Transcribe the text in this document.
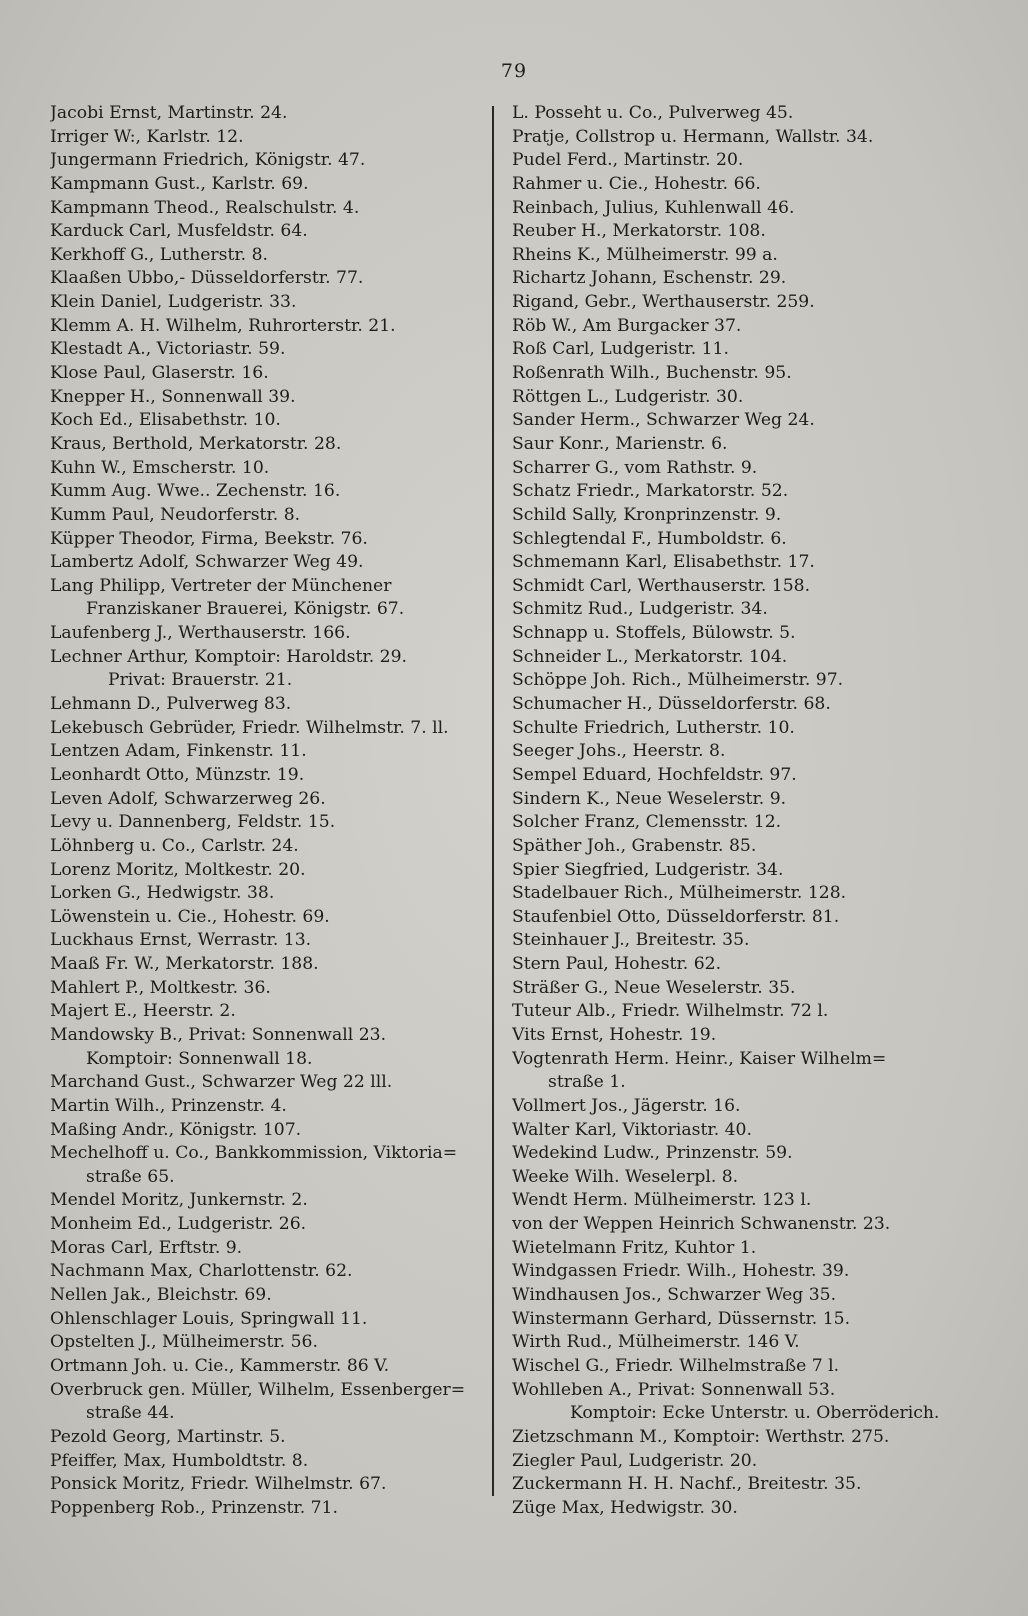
79
Jacobi Ernst, Martinstr. 24.
Irriger W:, Karlstr. 12.
Jungermann Friedrich, Königstr. 47.
Kampmann Gust., Karlstr. 69.
Kampmann Theod., Realschulstr. 4.
Karduck Carl, Musfeldstr. 64.
Kerkhoff G., Lutherstr. 8.
Klaaßen Ubbo,- Düsseldorferstr. 77.
Klein Daniel, Ludgeristr. 33.
Klemm A. H. Wilhelm, Ruhrorterstr. 21.
Klestadt A., Victoriastr. 59.
Klose Paul, Glaserstr. 16.
Knepper H., Sonnenwall 39.
Koch Ed., Elisabethstr. 10.
Kraus, Berthold, Merkatorstr. 28.
Kuhn W., Emscherstr. 10.
Kumm Aug. Wwe.. Zechenstr. 16.
Kumm Paul, Neudorferstr. 8.
Küpper Theodor, Firma, Beekstr. 76.
Lambertz Adolf, Schwarzer Weg 49.
Lang Philipp, Vertreter der Münchener
Franziskaner Brauerei, Königstr. 67.
Laufenberg J., Werthauserstr. 166.
Lechner Arthur, Komptoir: Haroldstr. 29.
Privat: Brauerstr. 21.
Lehmann D., Pulverweg 83.
Lekebusch Gebrüder, Friedr. Wilhelmstr. 7. ll.
Lentzen Adam, Finkenstr. 11.
Leonhardt Otto, Münzstr. 19.
Leven Adolf, Schwarzerweg 26.
Levy u. Dannenberg, Feldstr. 15.
Löhnberg u. Co., Carlstr. 24.
Lorenz Moritz, Moltkestr. 20.
Lorken G., Hedwigstr. 38.
Löwenstein u. Cie., Hohestr. 69.
Luckhaus Ernst, Werrastr. 13.
Maaß Fr. W., Merkatorstr. 188.
Mahlert P., Moltkestr. 36.
Majert E., Heerstr. 2.
Mandowsky B., Privat: Sonnenwall 23.
Komptoir: Sonnenwall 18.
Marchand Gust., Schwarzer Weg 22 lll.
Martin Wilh., Prinzenstr. 4.
Maßing Andr., Königstr. 107.
Mechelhoff u. Co., Bankkommission, Viktoria=
straße 65.
Mendel Moritz, Junkernstr. 2.
Monheim Ed., Ludgeristr. 26.
Moras Carl, Erftstr. 9.
Nachmann Max, Charlottenstr. 62.
Nellen Jak., Bleichstr. 69.
Ohlenschlager Louis, Springwall 11.
Opstelten J., Mülheimerstr. 56.
Ortmann Joh. u. Cie., Kammerstr. 86 V.
Overbruck gen. Müller, Wilhelm, Essenberger=
straße 44.
Pezold Georg, Martinstr. 5.
Pfeiffer, Max, Humboldtstr. 8.
Ponsick Moritz, Friedr. Wilhelmstr. 67.
Poppenberg Rob., Prinzenstr. 71.
L. Posseht u. Co., Pulverweg 45.
Pratje, Collstrop u. Hermann, Wallstr. 34.
Pudel Ferd., Martinstr. 20.
Rahmer u. Cie., Hohestr. 66.
Reinbach, Julius, Kuhlenwall 46.
Reuber H., Merkatorstr. 108.
Rheins K., Mülheimerstr. 99 a.
Richartz Johann, Eschenstr. 29.
Rigand, Gebr., Werthauserstr. 259.
Röb W., Am Burgacker 37.
Roß Carl, Ludgeristr. 11.
Roßenrath Wilh., Buchenstr. 95.
Röttgen L., Ludgeristr. 30.
Sander Herm., Schwarzer Weg 24.
Saur Konr., Marienstr. 6.
Scharrer G., vom Rathstr. 9.
Schatz Friedr., Markatorstr. 52.
Schild Sally, Kronprinzenstr. 9.
Schlegtendal F., Humboldstr. 6.
Schmemann Karl, Elisabethstr. 17.
Schmidt Carl, Werthauserstr. 158.
Schmitz Rud., Ludgeristr. 34.
Schnapp u. Stoffels, Bülowstr. 5.
Schneider L., Merkatorstr. 104.
Schöppe Joh. Rich., Mülheimerstr. 97.
Schumacher H., Düsseldorferstr. 68.
Schulte Friedrich, Lutherstr. 10.
Seeger Johs., Heerstr. 8.
Sempel Eduard, Hochfeldstr. 97.
Sindern K., Neue Weselerstr. 9.
Solcher Franz, Clemensstr. 12.
Späther Joh., Grabenstr. 85.
Spier Siegfried, Ludgeristr. 34.
Stadelbauer Rich., Mülheimerstr. 128.
Staufenbiel Otto, Düsseldorferstr. 81.
Steinhauer J., Breitestr. 35.
Stern Paul, Hohestr. 62.
Sträßer G., Neue Weselerstr. 35.
Tuteur Alb., Friedr. Wilhelmstr. 72 l.
Vits Ernst, Hohestr. 19.
Vogtenrath Herm. Heinr., Kaiser Wilhelm=
straße 1.
Vollmert Jos., Jägerstr. 16.
Walter Karl, Viktoriastr. 40.
Wedekind Ludw., Prinzenstr. 59.
Weeke Wilh. Weselerpl. 8.
Wendt Herm. Mülheimerstr. 123 l.
von der Weppen Heinrich Schwanenstr. 23.
Wietelmann Fritz, Kuhtor 1.
Windgassen Friedr. Wilh., Hohestr. 39.
Windhausen Jos., Schwarzer Weg 35.
Winstermann Gerhard, Düssernstr. 15.
Wirth Rud., Mülheimerstr. 146 V.
Wischel G., Friedr. Wilhelmstraße 7 l.
Wohlleben A., Privat: Sonnenwall 53.
Komptoir: Ecke Unterstr. u. Oberröderich.
Zietzschmann M., Komptoir: Werthstr. 275.
Ziegler Paul, Ludgeristr. 20.
Zuckermann H. H. Nachf., Breitestr. 35.
Züge Max, Hedwigstr. 30.
